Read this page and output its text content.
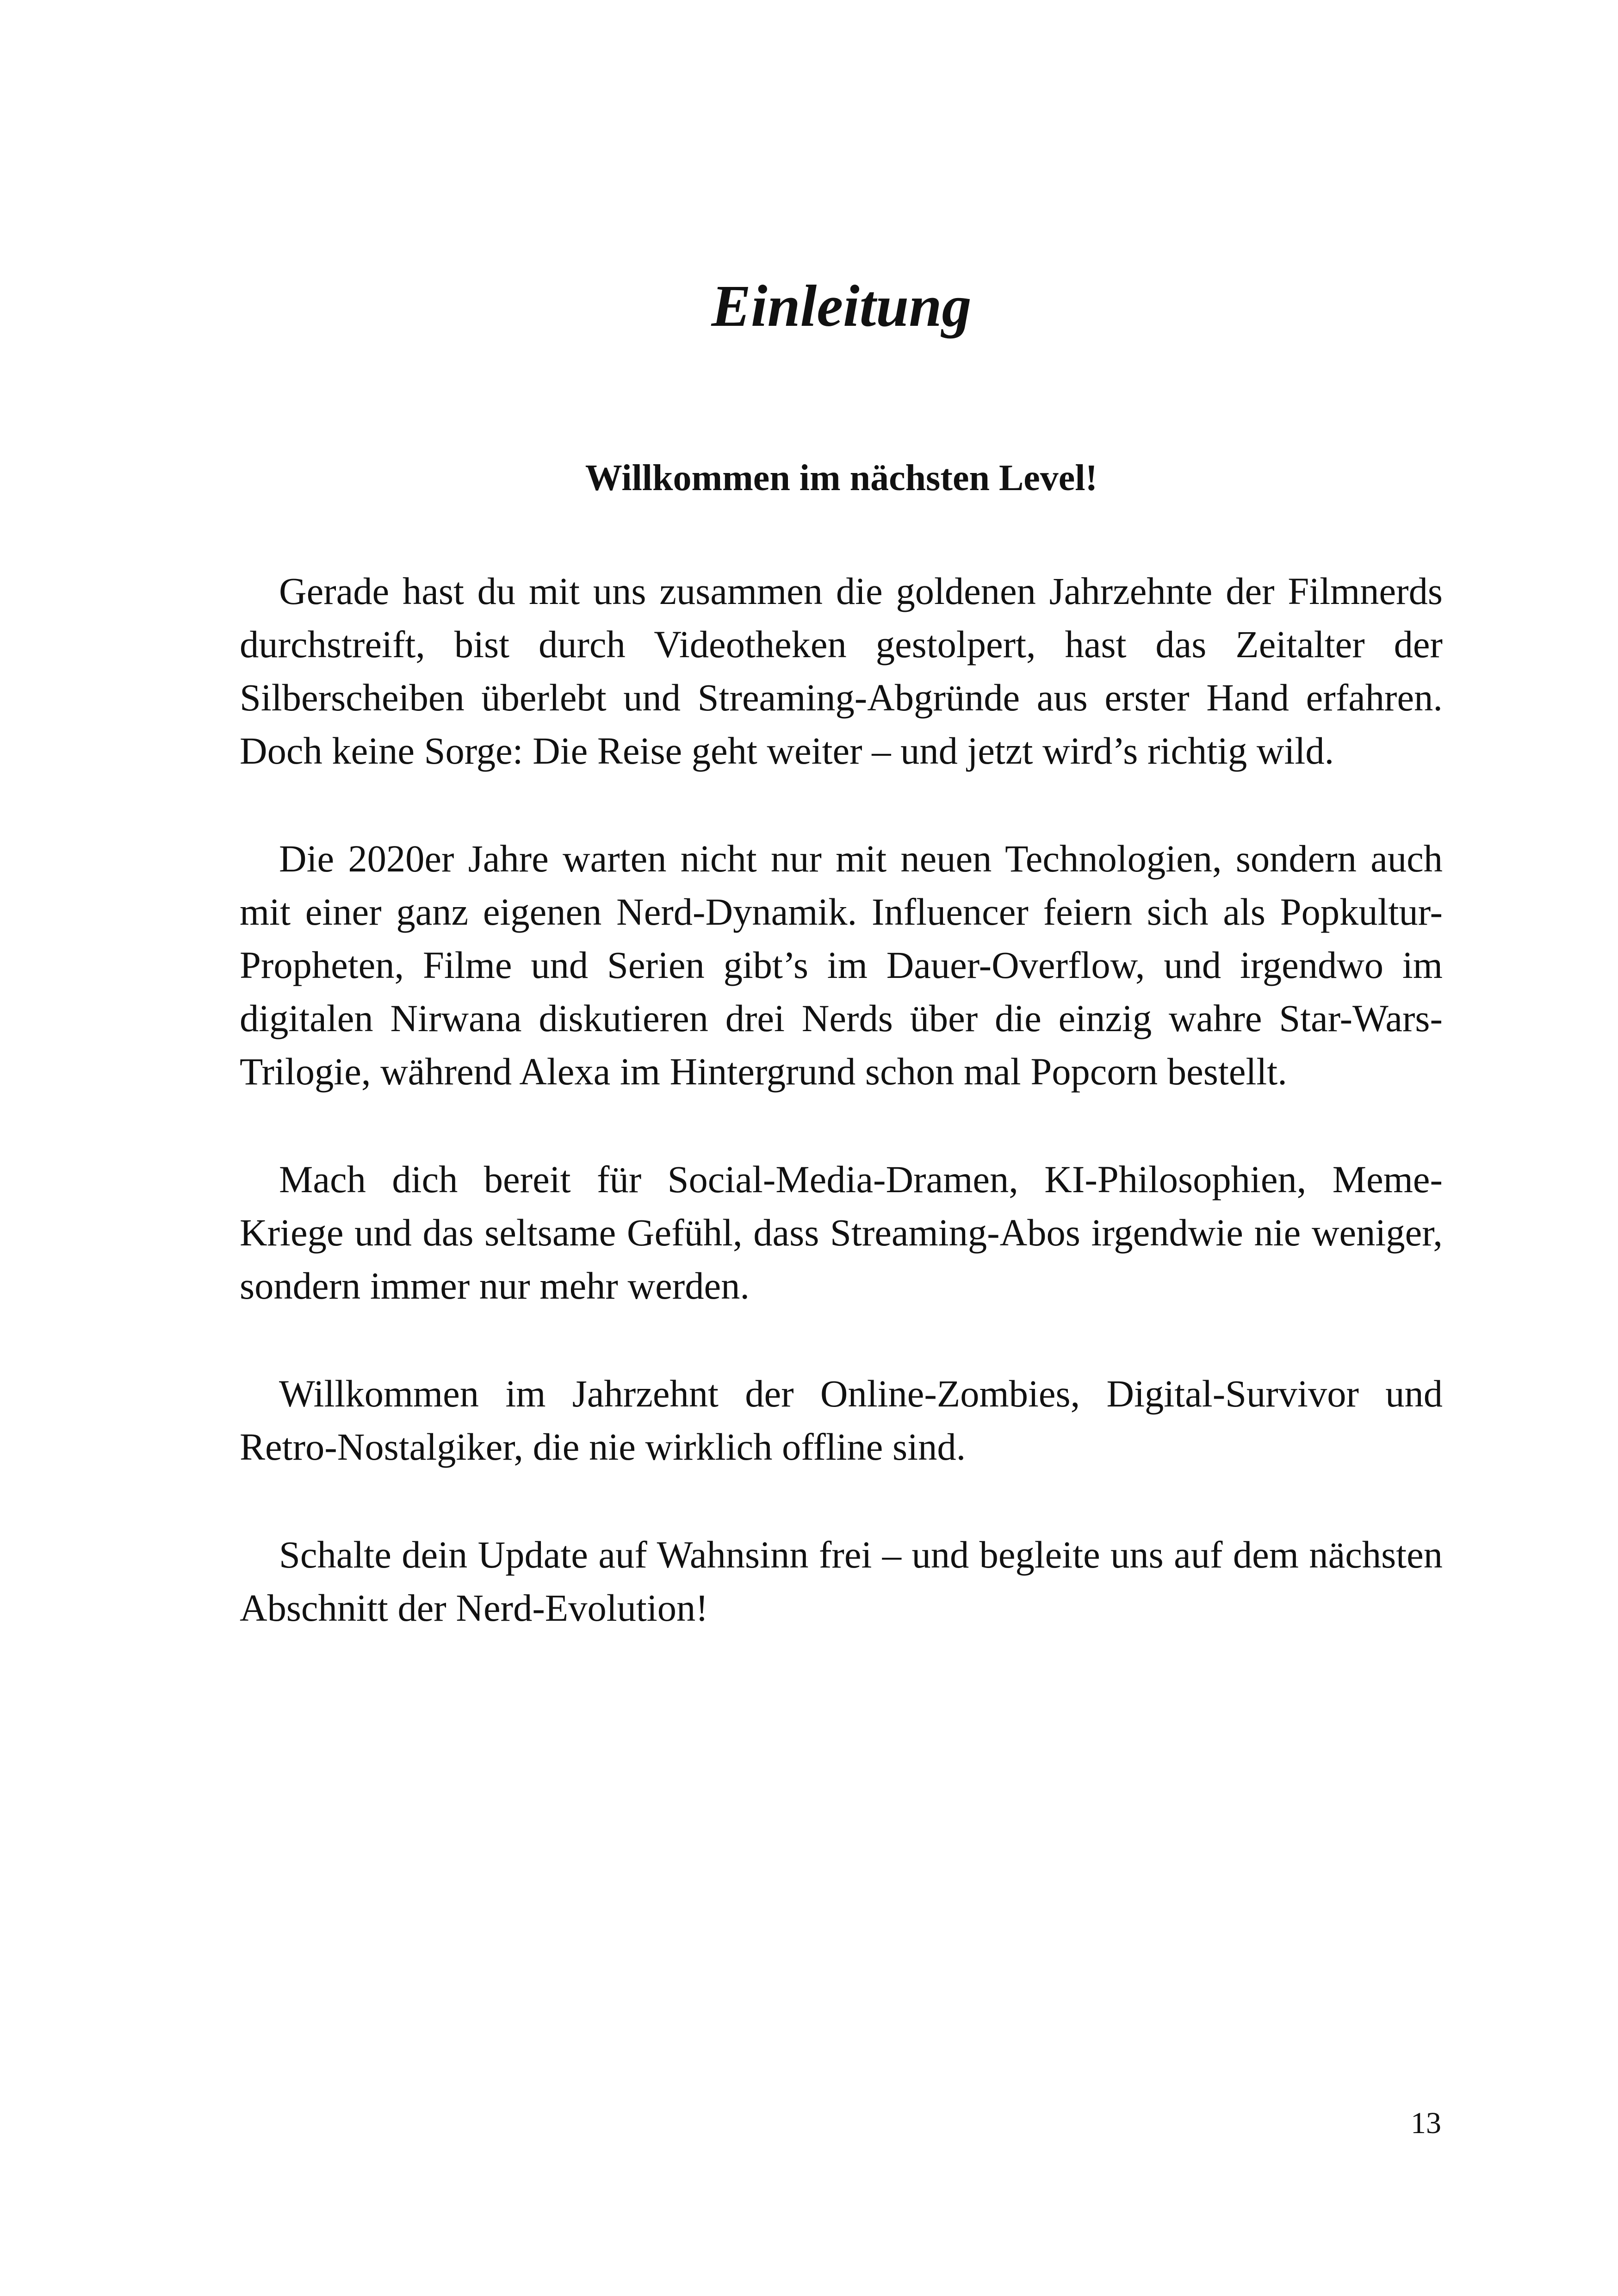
Einleitung
Willkommen im nächsten Level!

Gerade hast du mit uns zusammen die goldenen Jahrzehnte der Filmnerds durchstreift, bist durch Videotheken gestolpert, hast das Zeitalter der Silberscheiben überlebt und Streaming-Abgründe aus erster Hand erfahren. Doch keine Sorge: Die Reise geht weiter – und jetzt wird’s richtig wild.

Die 2020er Jahre warten nicht nur mit neuen Technologien, sondern auch mit einer ganz eigenen Nerd-Dynamik. Influencer feiern sich als Popkultur-Propheten, Filme und Serien gibt’s im Dauer-Overflow, und irgendwo im digitalen Nirwana diskutieren drei Nerds über die einzig wahre Star-Wars-Trilogie, während Alexa im Hintergrund schon mal Popcorn bestellt.

Mach dich bereit für Social-Media-Dramen, KI-Philosophien, Meme-Kriege und das seltsame Gefühl, dass Streaming-Abos irgendwie nie weniger, sondern immer nur mehr werden.

Willkommen im Jahrzehnt der Online-Zombies, Digital-Survivor und Retro-Nostalgiker, die nie wirklich offline sind.

Schalte dein Update auf Wahnsinn frei – und begleite uns auf dem nächsten Abschnitt der Nerd-Evolution!

13
